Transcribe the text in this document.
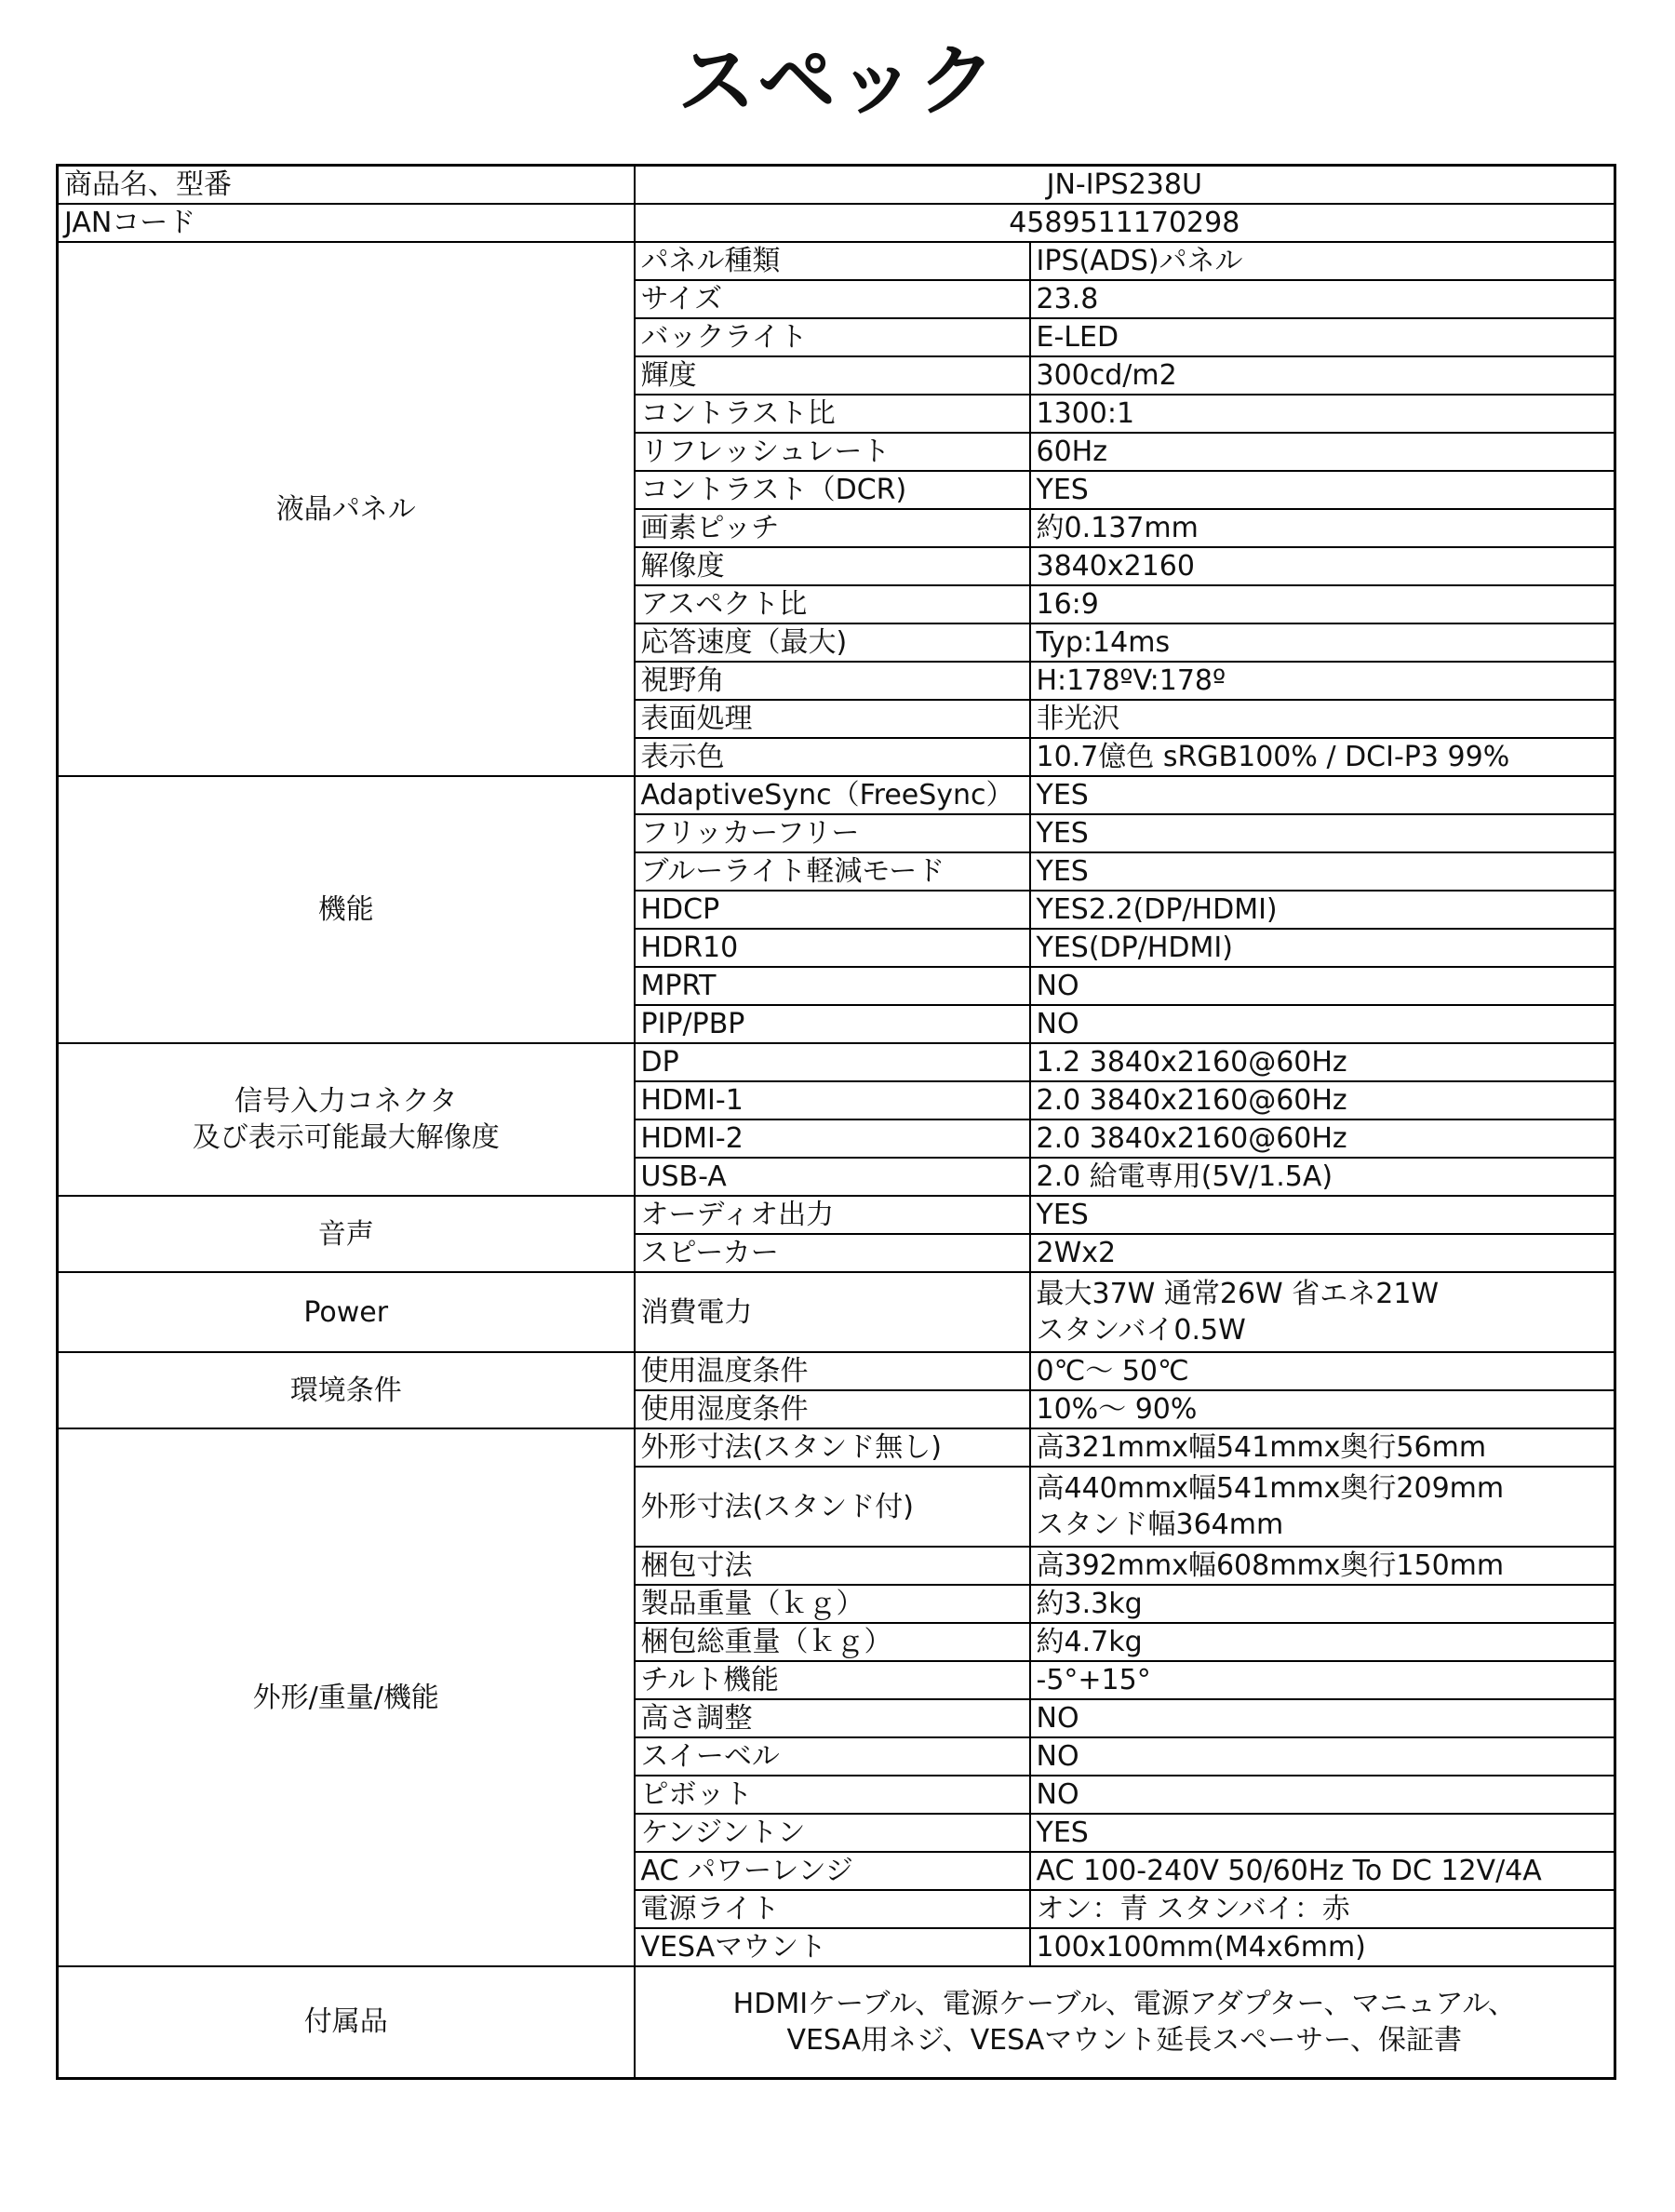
スペック
商品名、型番	JN-IPS238U	
JANコード	4589511170298	
液晶パネル	パネル種類	IPS(ADS)パネル
	サイズ	23.8
	バックライト	E-LED
	輝度	300cd/m2
	コントラスト比	1300:1
	リフレッシュレート	60Hz
	コントラスト（DCR)	YES
	画素ピッチ	約0.137mm
	解像度	3840x2160
	アスペクト比	16:9
	応答速度（最大)	Typ:14ms
	視野角	H:178ºV:178º
	表面処理	非光沢
	表示色	10.7億色 sRGB100% / DCI-P3 99%
機能	AdaptiveSync（FreeSync）	YES
	フリッカーフリー	YES
	ブルーライト軽減モード	YES
	HDCP	YES2.2(DP/HDMI)
	HDR10	YES(DP/HDMI)
	MPRT	NO
	PIP/PBP	NO
信号入力コネクタ
及び表示可能最大解像度	DP	1.2 3840x2160@60Hz
	HDMI-1	2.0 3840x2160@60Hz
	HDMI-2	2.0 3840x2160@60Hz
	USB-A	2.0 給電専用(5V/1.5A)
音声	オーディオ出力	YES
	スピーカー	2Wx2
Power	消費電力	最大37W 通常26W 省エネ21W
スタンバイ0.5W
環境条件	使用温度条件	0℃～ 50℃
	使用湿度条件	10%～ 90%
外形/重量/機能	外形寸法(スタンド無し)	高321mmx幅541mmx奥行56mm
	外形寸法(スタンド付)	高440mmx幅541mmx奥行209mm
スタンド幅364mm
	梱包寸法	高392mmx幅608mmx奥行150mm
	製品重量（ｋｇ）	約3.3kg
	梱包総重量（ｋｇ）	約4.7kg
	チルト機能	-5°+15°
	高さ調整	NO
	スイーベル	NO
	ピボット	NO
	ケンジントン	YES
	AC パワーレンジ	AC 100-240V 50/60Hz To DC 12V/4A
	電源ライト	オン：青 スタンバイ：赤
	VESAマウント	100x100mm(M4x6mm)
付属品	HDMIケーブル、電源ケーブル、電源アダプター、マニュアル、
VESA用ネジ、VESAマウント延長スペーサー、保証書	
